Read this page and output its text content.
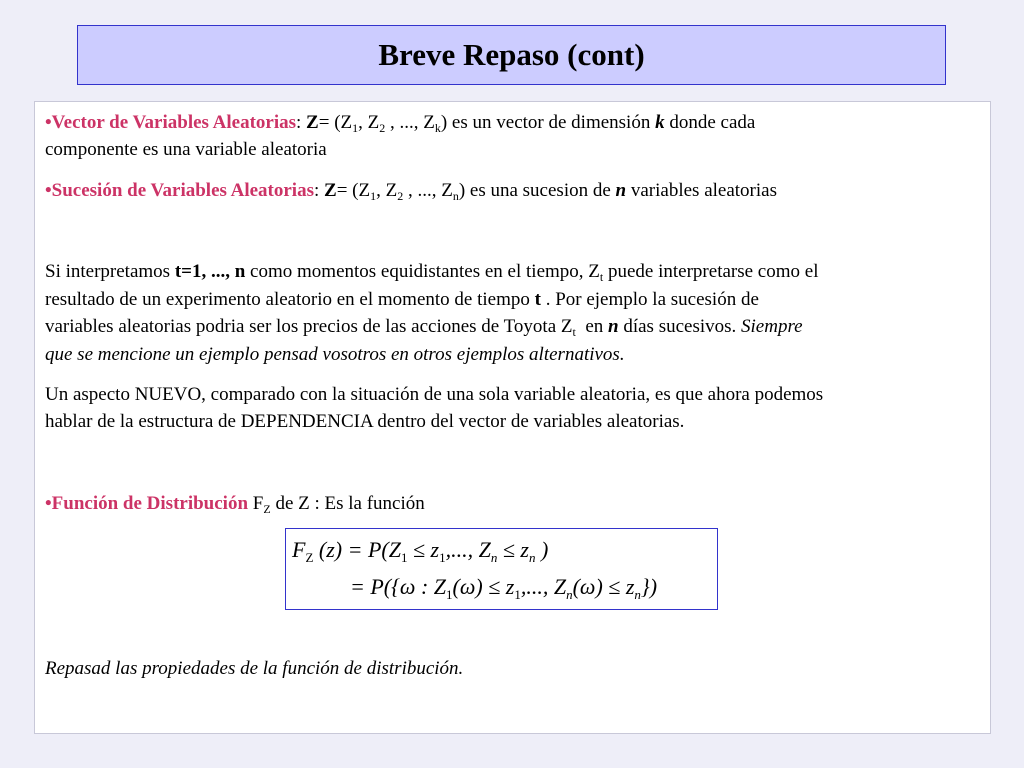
Breve Repaso (cont)
•Vector de Variables Aleatorias: $Z= (Z_1$, $Z_2$ , ..., $Z_k$) es un vector de dimensión k donde cada
componente es una variable aleatoria
•Sucesión de Variables Aleatorias: $Z= (Z_1$, $Z_2$ , ..., $Z_n$) es una sucesion de n variables aleatorias
Si interpretamos t=1, ..., n como momentos equidistantes en el tiempo, $Z_t$ puede interpretarse como el
resultado de un experimento aleatorio en el momento de tiempo t . Por ejemplo la sucesión de
variables aleatorias podria ser los precios de las acciones de Toyota $Z_t$ en n días sucesivos. Siempre
que se mencione un ejemplo pensad vosotros en otros ejemplos alternativos.
Un aspecto NUEVO, comparado con la situación de una sola variable aleatoria, es que ahora podemos
hablar de la estructura de DEPENDENCIA dentro del vector de variables aleatorias.
•Función de Distribución $F_Z$ de Z : Es la función
Repasad las propiedades de la función de distribución.
$F_Z$ $(z) = P(Z_1 \le z_1$,..., $Z_n \le z_n$ )
= P({ω : $Z_1(\omega) \le z_1$,..., $Z_n(\omega) \le z_n$})
